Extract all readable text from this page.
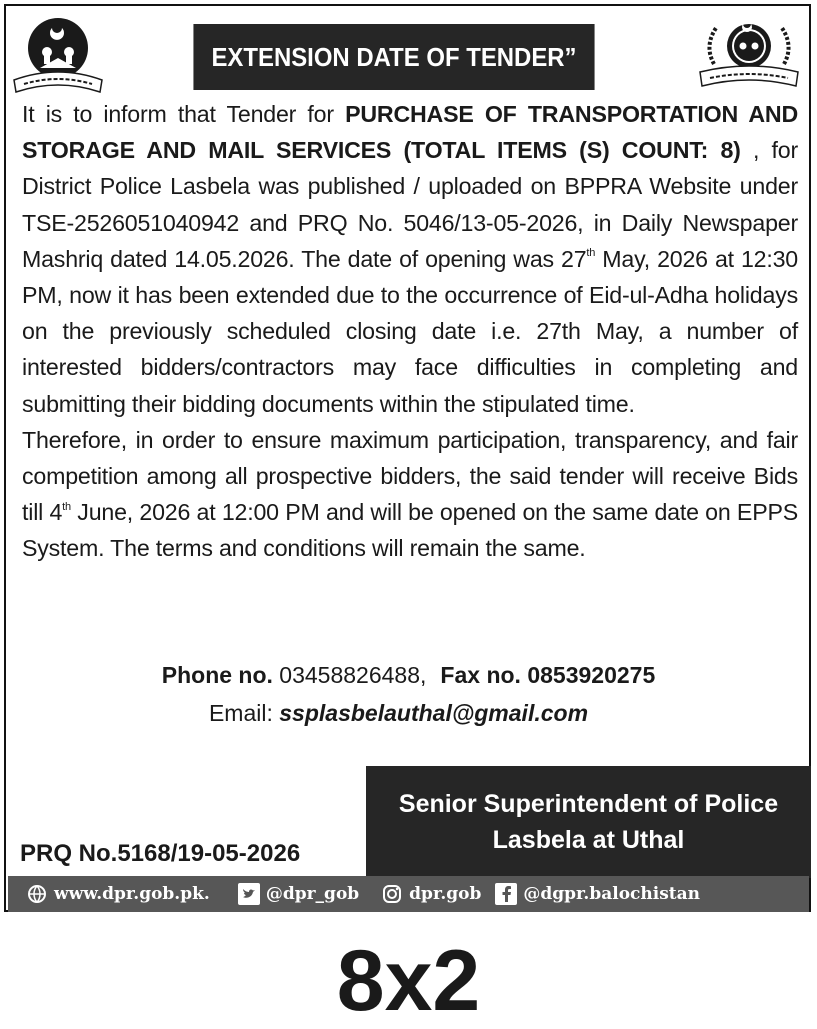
EXTENSION DATE OF TENDER”

It is to inform that Tender for PURCHASE OF TRANSPORTATION AND STORAGE AND MAIL SERVICES (TOTAL ITEMS (S) COUNT: 8) , for District Police Lasbela was published / uploaded on BPPRA Website under TSE-2526051040942 and PRQ No. 5046/13-05-2026, in Daily Newspaper Mashriq dated 14.05.2026. The date of opening was 27th May, 2026 at 12:30 PM, now it has been extended due to the occurrence of Eid-ul-Adha holidays on the previously scheduled closing date i.e. 27th May, a number of interested bidders/contractors may face difficulties in completing and submitting their bidding documents within the stipulated time.

Therefore, in order to ensure maximum participation, transparency, and fair competition among all prospective bidders, the said tender will receive Bids till 4th June, 2026 at 12:00 PM and will be opened on the same date on EPPS System. The terms and conditions will remain the same.

Phone no. 03458826488, Fax no. 0853920275
Email: ssplasbelauthal@gmail.com
Senior Superintendent of Police
Lasbela at Uthal
PRQ No.5168/19-05-2026
www.dpr.gob.pk.	@dpr_gob	dpr.gob @dgpr.balochistan
8x2
